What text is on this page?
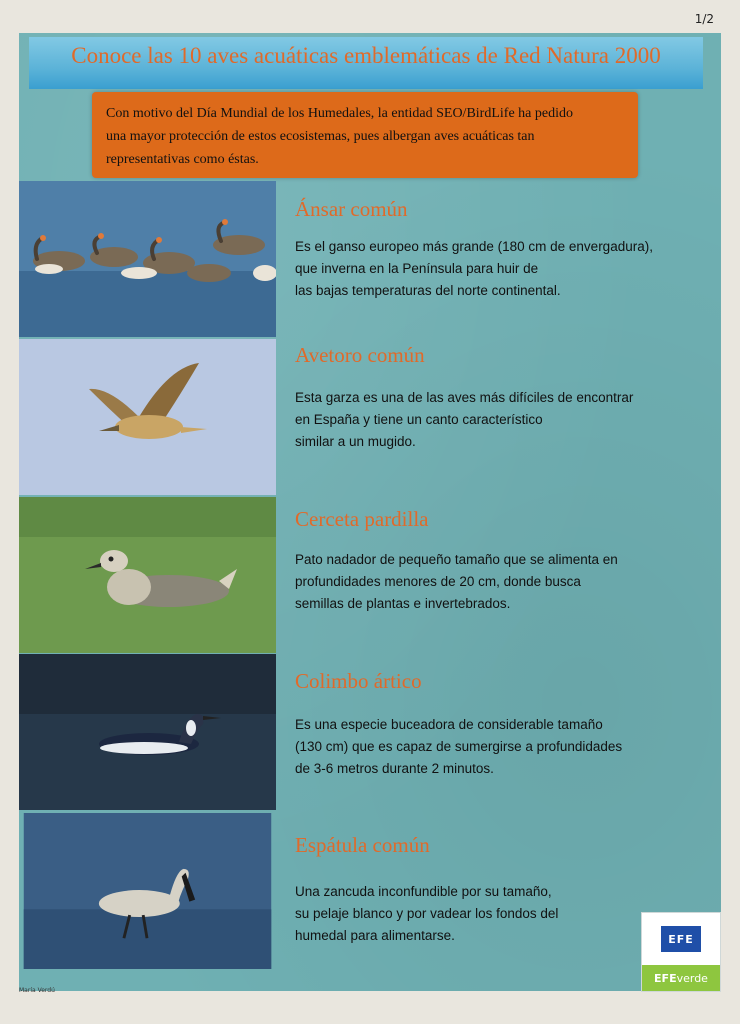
1/2
Conoce las 10 aves acuáticas emblemáticas de Red Natura 2000
Con motivo del Día Mundial de los Humedales, la entidad SEO/BirdLife ha pedido
una mayor protección de estos ecosistemas, pues albergan aves acuáticas tan
representativas como éstas.
Ánsar común
Es el ganso europeo más grande (180 cm de envergadura),
que inverna en la Península para huir de
las bajas temperaturas del norte continental.
Avetoro común
Esta garza es una de las aves más difíciles de encontrar
en España y tiene un canto característico
similar a un mugido.
Cerceta pardilla
Pato nadador de pequeño tamaño que se alimenta en
profundidades menores de 20 cm, donde busca
semillas de plantas e invertebrados.
Colimbo ártico
Es una especie buceadora de considerable tamaño
(130 cm) que es capaz de sumergirse a profundidades
de 3-6 metros durante 2 minutos.
Espátula común
Una zancuda inconfundible por su tamaño,
su pelaje blanco y por vadear los fondos del
humedal para alimentarse.
María Verdú
EFE
EFE verde
